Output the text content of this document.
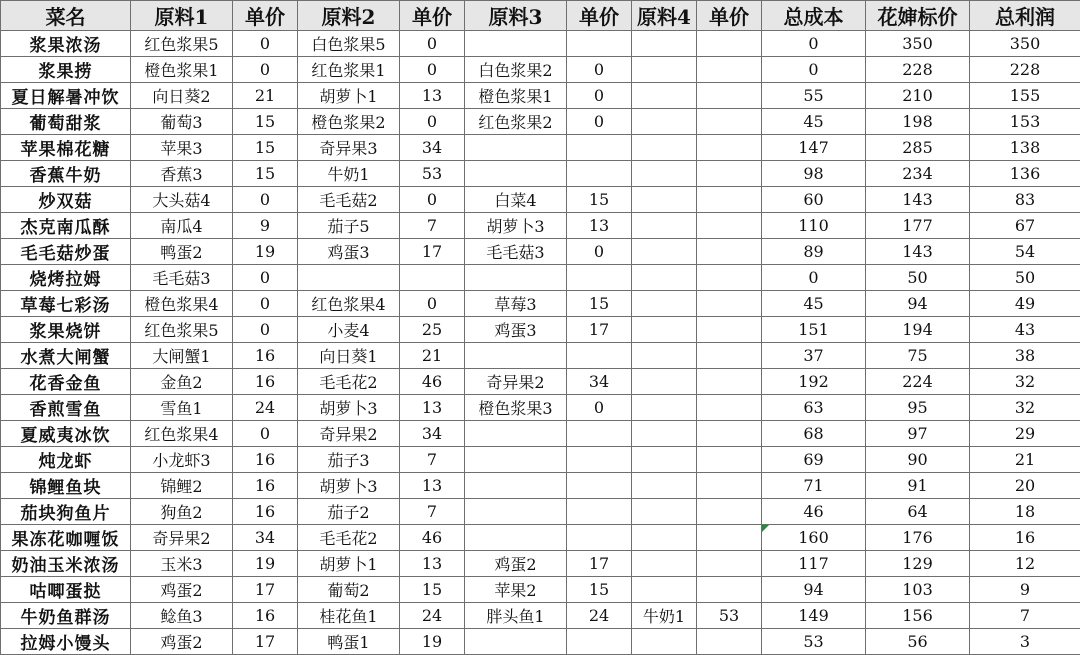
菜名	原料1	单价	原料2	单价	原料3	单价	原料4	单价	总成本	花婶标价	总利润
浆果浓汤	红色浆果5	0	白色浆果5	0					0	350	350
浆果捞	橙色浆果1	0	红色浆果1	0	白色浆果2	0			0	228	228
夏日解暑冲饮	向日葵2	21	胡萝卜1	13	橙色浆果1	0			55	210	155
葡萄甜浆	葡萄3	15	橙色浆果2	0	红色浆果2	0			45	198	153
苹果棉花糖	苹果3	15	奇异果3	34					147	285	138
香蕉牛奶	香蕉3	15	牛奶1	53					98	234	136
炒双菇	大头菇4	0	毛毛菇2	0	白菜4	15			60	143	83
杰克南瓜酥	南瓜4	9	茄子5	7	胡萝卜3	13			110	177	67
毛毛菇炒蛋	鸭蛋2	19	鸡蛋3	17	毛毛菇3	0			89	143	54
烧烤拉姆	毛毛菇3	0							0	50	50
草莓七彩汤	橙色浆果4	0	红色浆果4	0	草莓3	15			45	94	49
浆果烧饼	红色浆果5	0	小麦4	25	鸡蛋3	17			151	194	43
水煮大闸蟹	大闸蟹1	16	向日葵1	21					37	75	38
花香金鱼	金鱼2	16	毛毛花2	46	奇异果2	34			192	224	32
香煎雪鱼	雪鱼1	24	胡萝卜3	13	橙色浆果3	0			63	95	32
夏威夷冰饮	红色浆果4	0	奇异果2	34					68	97	29
炖龙虾	小龙虾3	16	茄子3	7					69	90	21
锦鲤鱼块	锦鲤2	16	胡萝卜3	13					71	91	20
茄块狗鱼片	狗鱼2	16	茄子2	7					46	64	18
果冻花咖喱饭	奇异果2	34	毛毛花2	46					160	176	16
奶油玉米浓汤	玉米3	19	胡萝卜1	13	鸡蛋2	17			117	129	12
咕唧蛋挞	鸡蛋2	17	葡萄2	15	苹果2	15			94	103	9
牛奶鱼群汤	鲶鱼3	16	桂花鱼1	24	胖头鱼1	24	牛奶1	53	149	156	7
拉姆小馒头	鸡蛋2	17	鸭蛋1	19					53	56	3
